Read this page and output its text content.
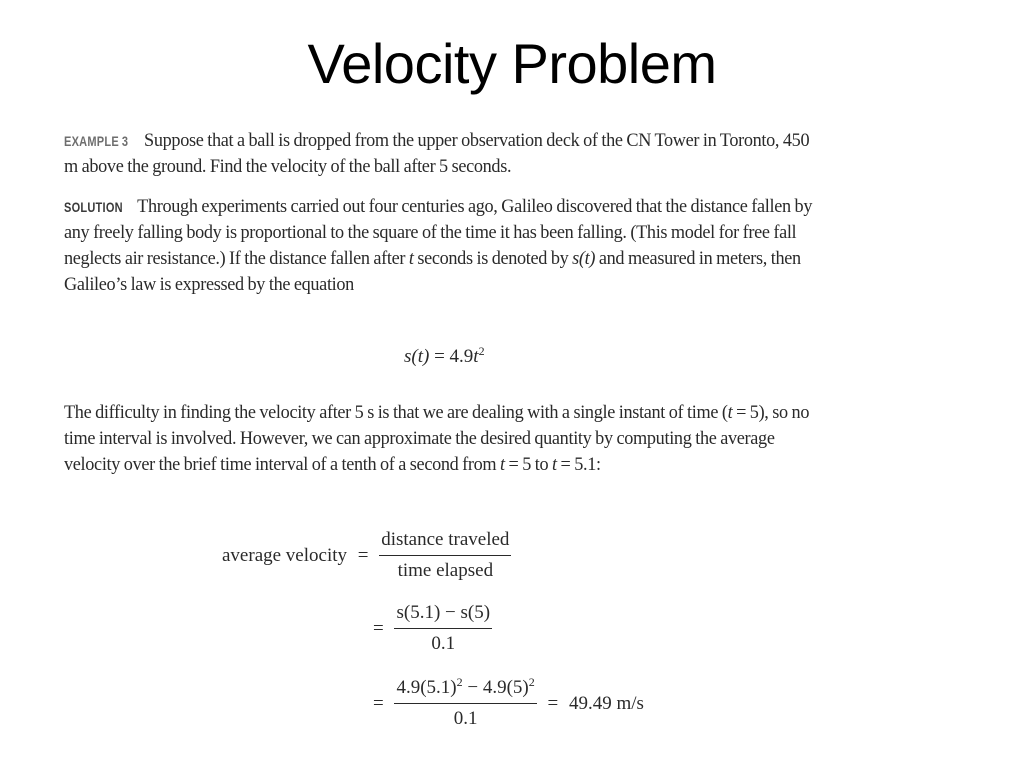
Velocity Problem
EXAMPLE 3 Suppose that a ball is dropped from the upper observation deck of the CN Tower in Toronto, 450 m above the ground. Find the velocity of the ball after 5 seconds.
SOLUTION Through experiments carried out four centuries ago, Galileo discovered that the distance fallen by any freely falling body is proportional to the square of the time it has been falling. (This model for free fall neglects air resistance.) If the distance fallen after t seconds is denoted by s(t) and measured in meters, then Galileo’s law is expressed by the equation
$s(t) = 4.9t^2$
The difficulty in finding the velocity after 5 s is that we are dealing with a single instant of time (t = 5), so no time interval is involved. However, we can approximate the desired quantity by computing the average velocity over the brief time interval of a tenth of a second from t = 5 to t = 5.1:
average velocity = $\frac{\text{distance traveled}}{\text{time elapsed}}$
= $\frac{s(5.1) - s(5)}{0.1}$
= $\frac{4.9(5.1)^2 - 4.9(5)^2}{0.1} = 49.49$ m/s
